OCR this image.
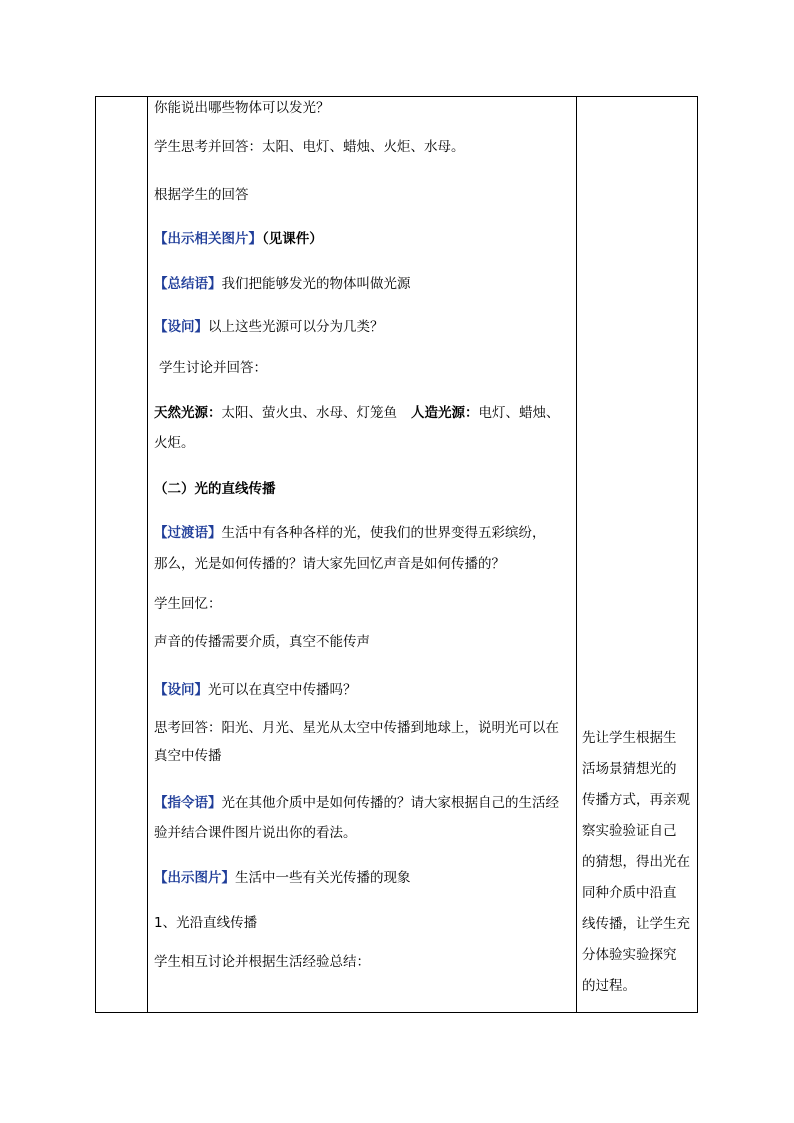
你能说出哪些物体可以发光？
学生思考并回答：太阳、电灯、蜡烛、火炬、水母。
根据学生的回答
【出示相关图片】（见课件）
【总结语】我们把能够发光的物体叫做光源
【设问】以上这些光源可以分为几类？
学生讨论并回答：
天然光源：太阳、萤火虫、水母、灯笼鱼 人造光源：电灯、蜡烛、
火炬。
（二）光的直线传播
【过渡语】生活中有各种各样的光，使我们的世界变得五彩缤纷，
那么，光是如何传播的？请大家先回忆声音是如何传播的？
学生回忆：
声音的传播需要介质，真空不能传声
【设问】光可以在真空中传播吗？
思考回答：阳光、月光、星光从太空中传播到地球上，说明光可以在
真空中传播
【指令语】光在其他介质中是如何传播的？请大家根据自己的生活经
验并结合课件图片说出你的看法。
【出示图片】生活中一些有关光传播的现象
1、光沿直线传播
学生相互讨论并根据生活经验总结：
先让学生根据生
活场景猜想光的
传播方式，再亲观
察实验验证自己
的猜想，得出光在
同种介质中沿直
线传播，让学生充
分体验实验探究
的过程。
